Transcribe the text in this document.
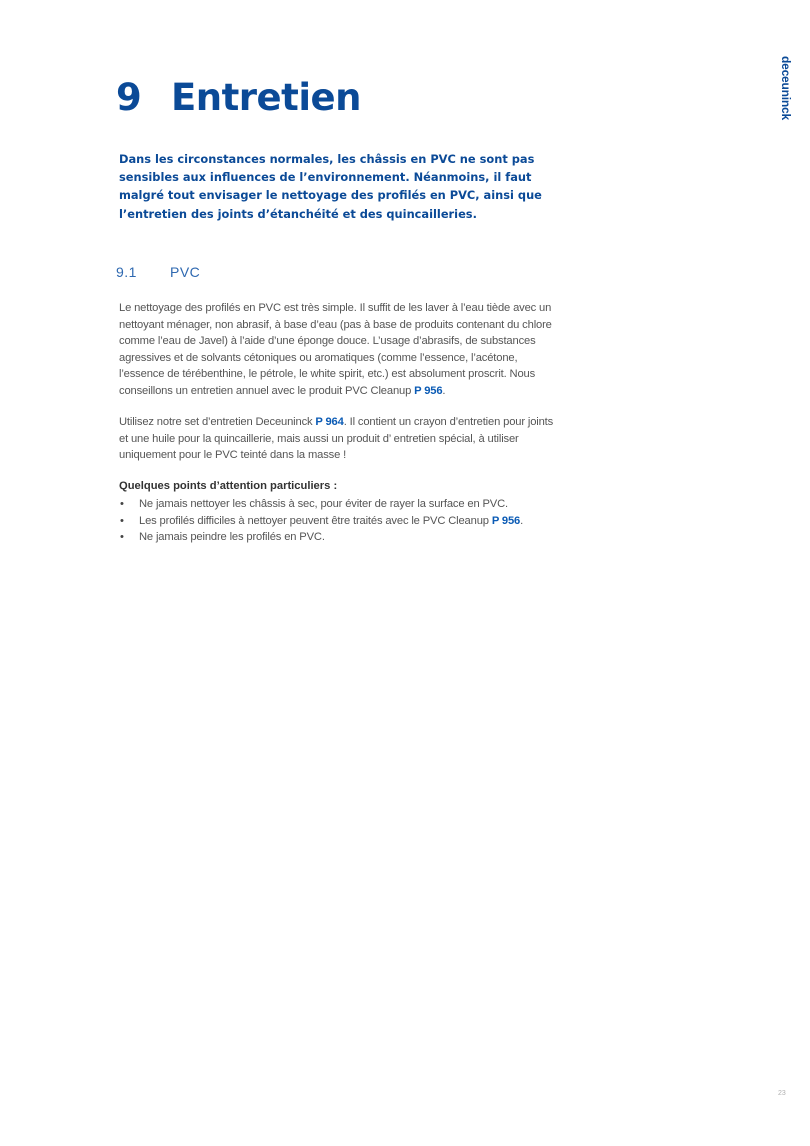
deceuninck
9 Entretien

Dans les circonstances normales, les châssis en PVC ne sont pas sensibles aux influences de l’environnement. Néanmoins, il faut malgré tout envisager le nettoyage des profilés en PVC, ainsi que l’entretien des joints d’étanchéité et des quincailleries.

9.1 PVC

Le nettoyage des profilés en PVC est très simple. Il suffit de les laver à l’eau tiède avec un nettoyant ménager, non abrasif, à base d’eau (pas à base de produits contenant du chlore comme l’eau de Javel) à l’aide d’une éponge douce. L’usage d’abrasifs, de substances agressives et de solvants cétoniques ou aromatiques (comme l’essence, l’acétone, l’essence de térébenthine, le pétrole, le white spirit, etc.) est absolument proscrit. Nous conseillons un entretien annuel avec le produit PVC Cleanup P 956.

Utilisez notre set d’entretien Deceuninck P 964. Il contient un crayon d’entretien pour joints et une huile pour la quincaillerie, mais aussi un produit d’ entretien spécial, à utiliser uniquement pour le PVC teinté dans la masse !

Quelques points d’attention particuliers :

• Ne jamais nettoyer les châssis à sec, pour éviter de rayer la surface en PVC.
• Les profilés difficiles à nettoyer peuvent être traités avec le PVC Cleanup P 956.
• Ne jamais peindre les profilés en PVC.
23
